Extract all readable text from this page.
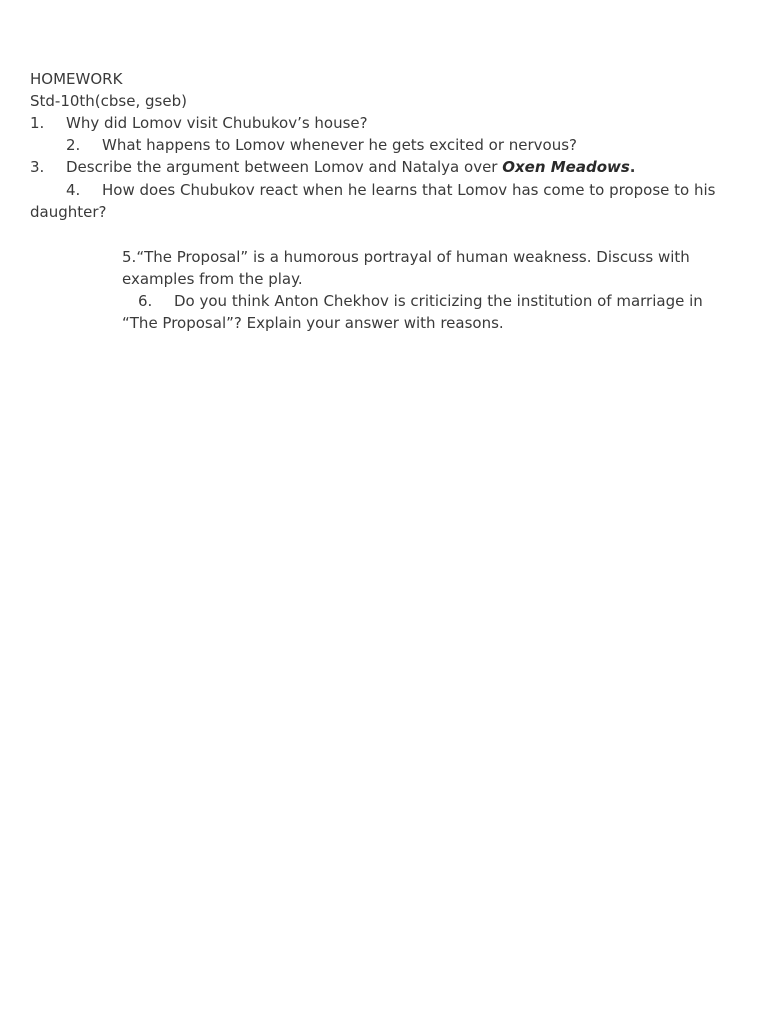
HOMEWORK
Std-10th(cbse, gseb)
1. Why did Lomov visit Chubukov’s house?
2. What happens to Lomov whenever he gets excited or nervous?
3. Describe the argument between Lomov and Natalya over Oxen Meadows.
4. How does Chubukov react when he learns that Lomov has come to propose to his
daughter?
5.“The Proposal” is a humorous portrayal of human weakness. Discuss with
examples from the play.
6. Do you think Anton Chekhov is criticizing the institution of marriage in
“The Proposal”? Explain your answer with reasons.
